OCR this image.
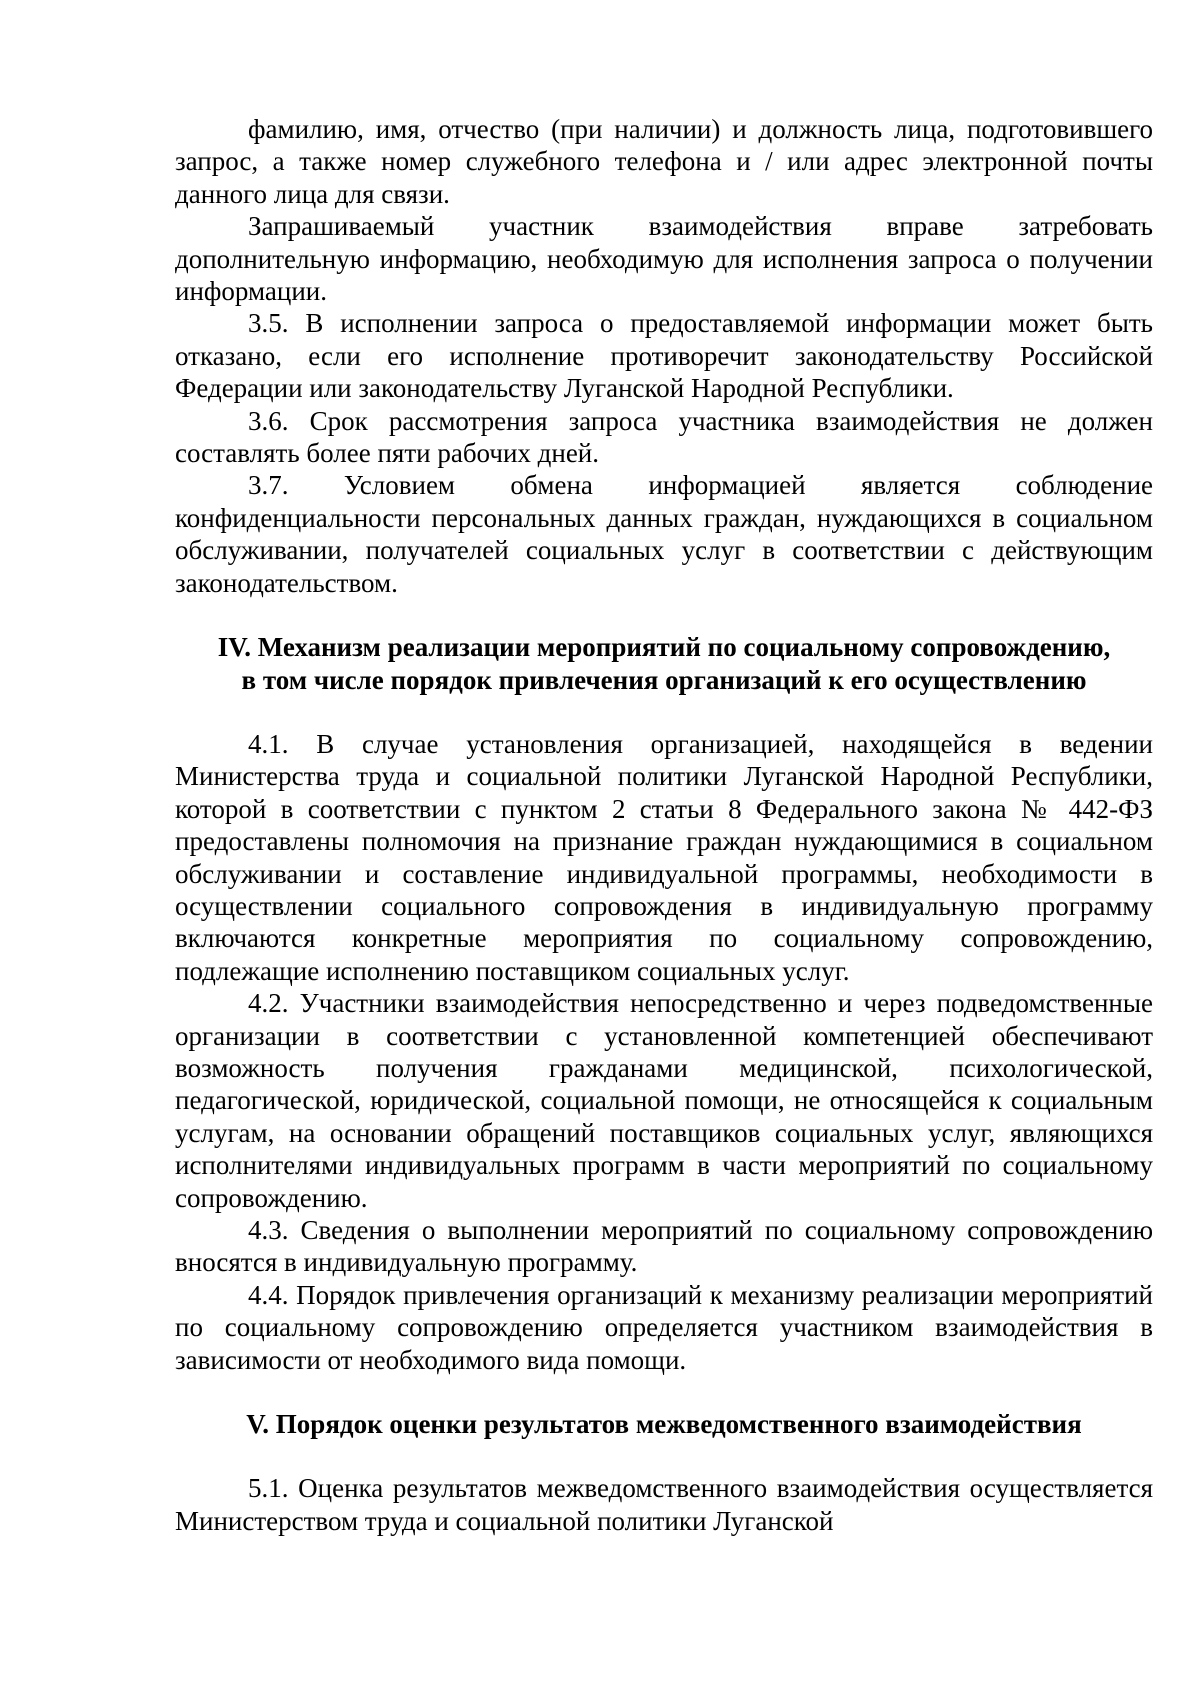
фамилию, имя, отчество (при наличии) и должность лица, подготовившего запрос, а также номер служебного телефона и / или адрес электронной почты данного лица для связи.

Запрашиваемый участник взаимодействия вправе затребовать дополнительную информацию, необходимую для исполнения запроса о получении информации.

3.5. В исполнении запроса о предоставляемой информации может быть отказано, если его исполнение противоречит законодательству Российской Федерации или законодательству Луганской Народной Республики.

3.6. Срок рассмотрения запроса участника взаимодействия не должен составлять более пяти рабочих дней.

3.7. Условием обмена информацией является соблюдение конфиденциальности персональных данных граждан, нуждающихся в социальном обслуживании, получателей социальных услуг в соответствии с действующим законодательством.

IV. Механизм реализации мероприятий по социальному сопровождению,

в том числе порядок привлечения организаций к его осуществлению

4.1. В случае установления организацией, находящейся в ведении Министерства труда и социальной политики Луганской Народной Республики, которой в соответствии с пунктом 2 статьи 8 Федерального закона № 442-ФЗ предоставлены полномочия на признание граждан нуждающимися в социальном обслуживании и составление индивидуальной программы, необходимости в осуществлении социального сопровождения в индивидуальную программу включаются конкретные мероприятия по социальному сопровождению, подлежащие исполнению поставщиком социальных услуг.

4.2. Участники взаимодействия непосредственно и через подведомственные организации в соответствии с установленной компетенцией обеспечивают возможность получения гражданами медицинской, психологической, педагогической, юридической, социальной помощи, не относящейся к социальным услугам, на основании обращений поставщиков социальных услуг, являющихся исполнителями индивидуальных программ в части мероприятий по социальному сопровождению.

4.3. Сведения о выполнении мероприятий по социальному сопровождению вносятся в индивидуальную программу.

4.4. Порядок привлечения организаций к механизму реализации мероприятий по социальному сопровождению определяется участником взаимодействия в зависимости от необходимого вида помощи.

V. Порядок оценки результатов межведомственного взаимодействия

5.1. Оценка результатов межведомственного взаимодействия осуществляется Министерством труда и социальной политики Луганской
